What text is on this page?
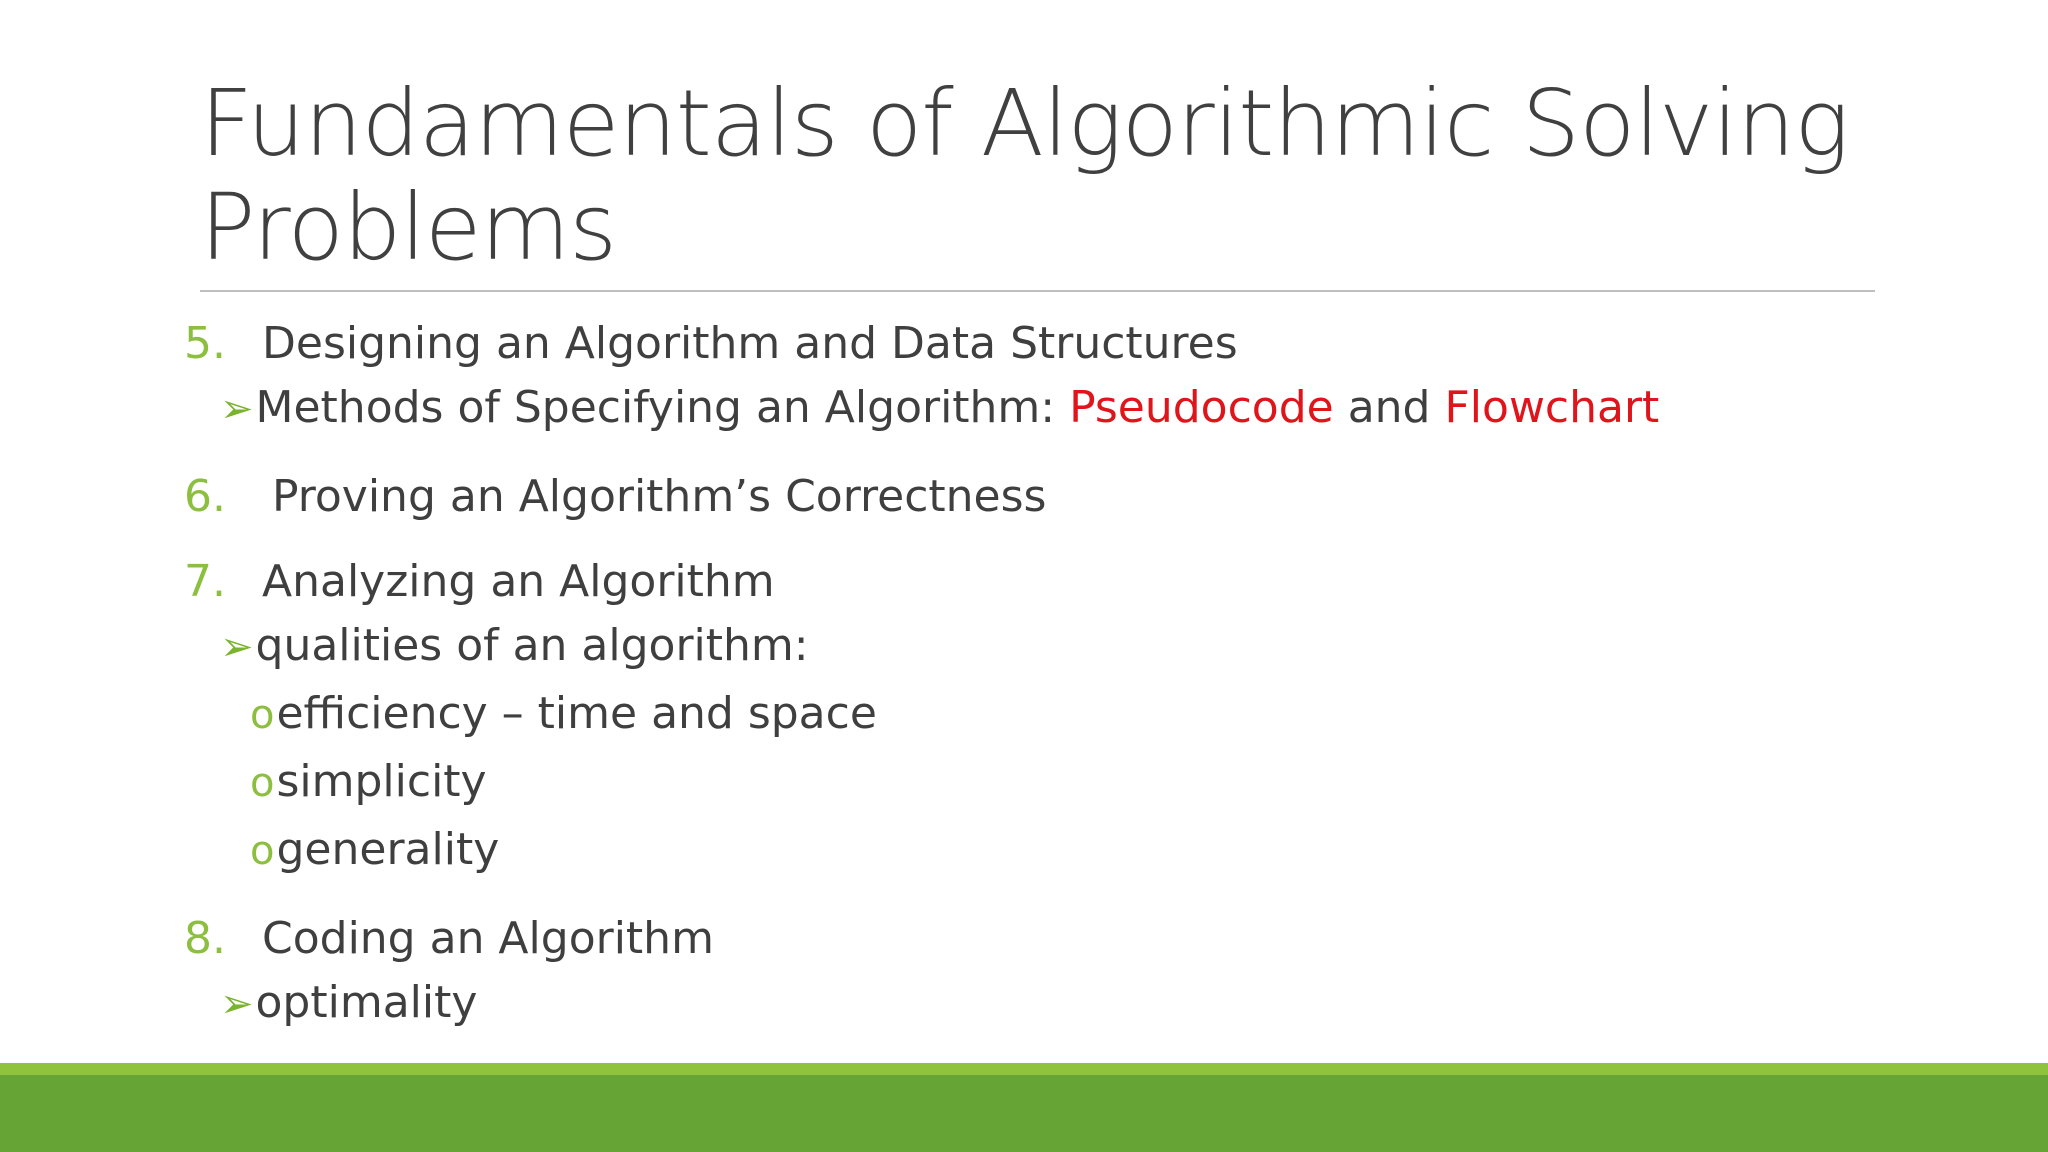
Fundamentals of Algorithmic Solving
Problems
5. Designing an Algorithm and Data Structures
➢Methods of Specifying an Algorithm: Pseudocode and Flowchart
6. Proving an Algorithm’s Correctness
7. Analyzing an Algorithm
➢qualities of an algorithm:
oefficiency – time and space
osimplicity
ogenerality
8. Coding an Algorithm
➢optimality
